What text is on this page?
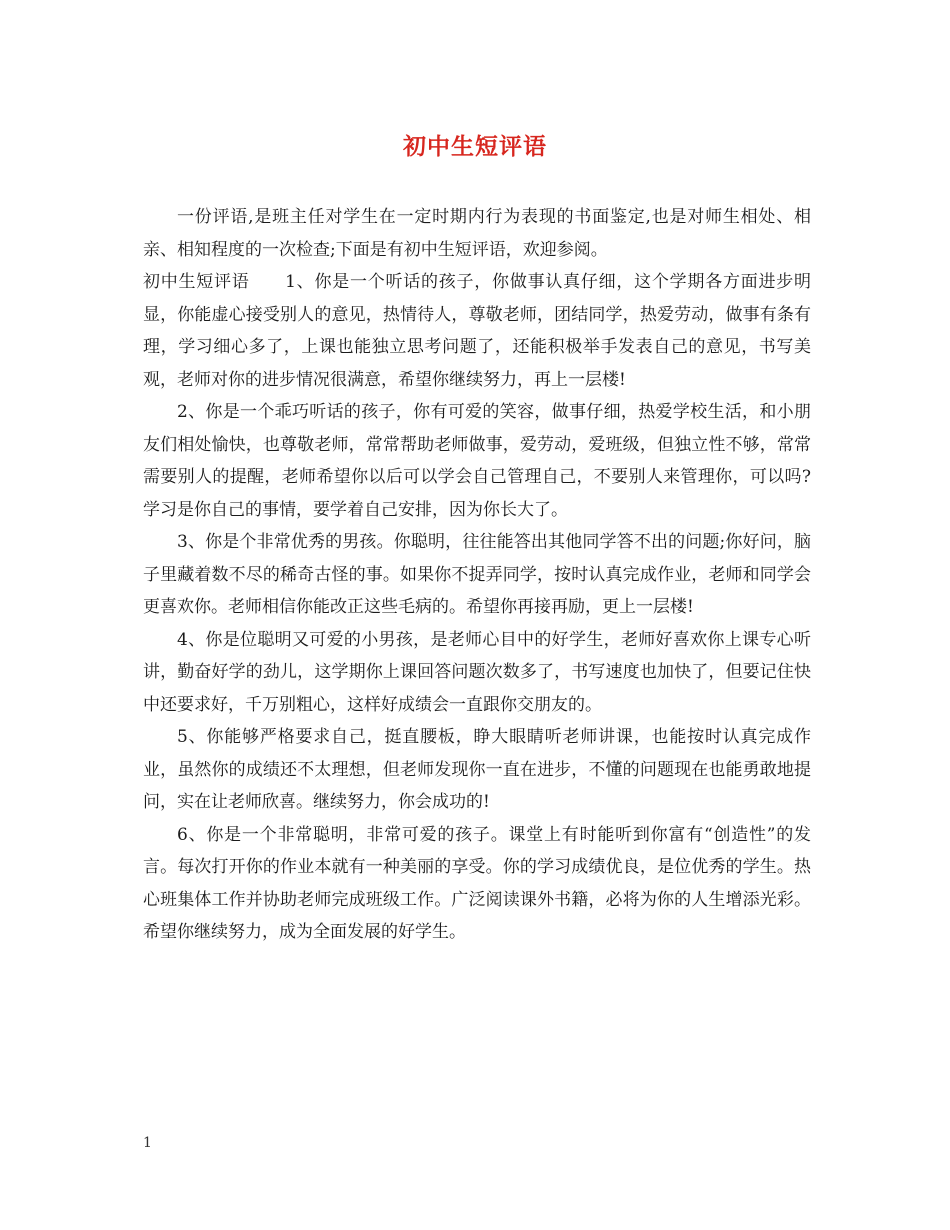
初中生短评语

一份评语,是班主任对学生在一定时期内行为表现的书面鉴定,也是对师生相处、相亲、相知程度的一次检查;下面是有初中生短评语，欢迎参阅。

初中生短评语　　 1、你是一个听话的孩子，你做事认真仔细，这个学期各方面进步明显，你能虚心接受别人的意见，热情待人，尊敬老师，团结同学，热爱劳动，做事有条有理，学习细心多了，上课也能独立思考问题了，还能积极举手发表自己的意见，书写美观，老师对你的进步情况很满意，希望你继续努力，再上一层楼!

2、你是一个乖巧听话的孩子，你有可爱的笑容，做事仔细，热爱学校生活，和小朋友们相处愉快，也尊敬老师，常常帮助老师做事，爱劳动，爱班级，但独立性不够，常常需要别人的提醒，老师希望你以后可以学会自己管理自己，不要别人来管理你，可以吗?学习是你自己的事情，要学着自己安排，因为你长大了。

3、你是个非常优秀的男孩。你聪明，往往能答出其他同学答不出的问题;你好问，脑子里藏着数不尽的稀奇古怪的事。如果你不捉弄同学，按时认真完成作业，老师和同学会更喜欢你。老师相信你能改正这些毛病的。希望你再接再励，更上一层楼!

4、你是位聪明又可爱的小男孩，是老师心目中的好学生，老师好喜欢你上课专心听讲，勤奋好学的劲儿，这学期你上课回答问题次数多了，书写速度也加快了，但要记住快中还要求好，千万别粗心，这样好成绩会一直跟你交朋友的。

5、你能够严格要求自己，挺直腰板，睁大眼睛听老师讲课，也能按时认真完成作业，虽然你的成绩还不太理想，但老师发现你一直在进步，不懂的问题现在也能勇敢地提问，实在让老师欣喜。继续努力，你会成功的!

6、你是一个非常聪明，非常可爱的孩子。课堂上有时能听到你富有“创造性”的发言。每次打开你的作业本就有一种美丽的享受。你的学习成绩优良，是位优秀的学生。热心班集体工作并协助老师完成班级工作。广泛阅读课外书籍，必将为你的人生增添光彩。希望你继续努力，成为全面发展的好学生。

1
